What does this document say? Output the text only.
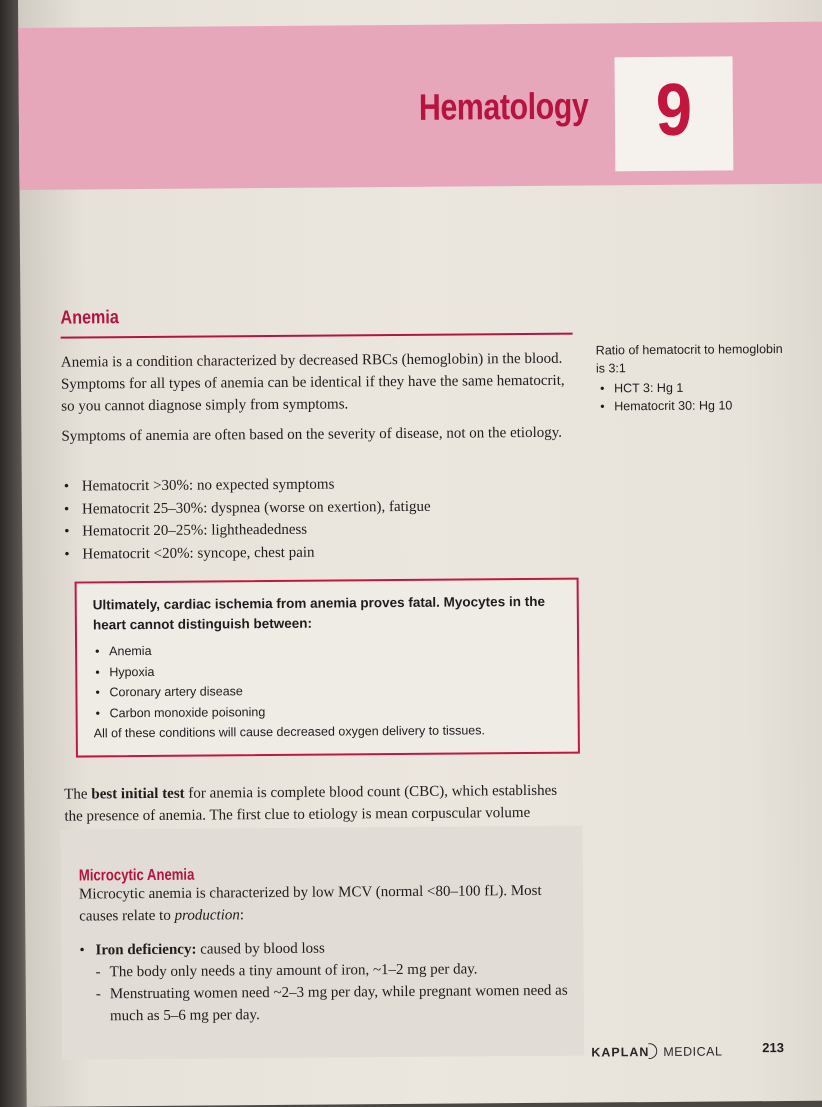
Hematology 9
Anemia
Anemia is a condition characterized by decreased RBCs (hemoglobin) in the blood. Symptoms for all types of anemia can be identical if they have the same hematocrit, so you cannot diagnose simply from symptoms.
Symptoms of anemia are often based on the severity of disease, not on the etiology.
• Hematocrit >30%: no expected symptoms
• Hematocrit 25–30%: dyspnea (worse on exertion), fatigue
• Hematocrit 20–25%: lightheadedness
• Hematocrit <20%: syncope, chest pain
Ratio of hematocrit to hemoglobin is 3:1
• HCT 3: Hg 1
• Hematocrit 30: Hg 10
Ultimately, cardiac ischemia from anemia proves fatal. Myocytes in the heart cannot distinguish between:
• Anemia
• Hypoxia
• Coronary artery disease
• Carbon monoxide poisoning
All of these conditions will cause decreased oxygen delivery to tissues.
The best initial test for anemia is complete blood count (CBC), which establishes the presence of anemia. The first clue to etiology is mean corpuscular volume
Microcytic Anemia
Microcytic anemia is characterized by low MCV (normal <80–100 fL). Most causes relate to production:
• Iron deficiency: caused by blood loss
- The body only needs a tiny amount of iron, ~1–2 mg per day.
- Menstruating women need ~2–3 mg per day, while pregnant women need as much as 5–6 mg per day.
KAPLAN MEDICAL	213
